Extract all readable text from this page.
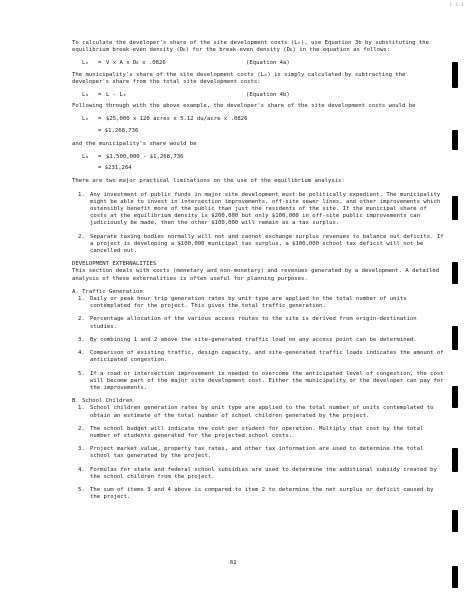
1-3-4

To calculate the developer's share of the site development costs (Lₑ), use Equation 3b by substituting the equilibrium break-even density (Dᴇ) for the break-even density (Dᴇ) in the equation as follows:

Lₑ	= V x A x Dᴇ x .0826	(Equation 4a)

The municipality's share of the site development costs (Lₘ) is simply calculated by subtracting the developer's share from the total site development costs:

Lₘ	= L - Lₑ	(Equation 4b)

Following through with the above example, the developer's share of the site development costs would be

Lₑ	= $25,000 x 120 acres x 5.12 du/acre x .0826
= $1,268,736

and the municipality's share would be

Lₘ	= $1,500,000 - $1,268,736
= $231,264

There are two major practical limitations on the use of the equilibrium analysis:

1. Any investment of public funds in major site development must be politically expedient. The municipality might be able to invest in intersection improvements, off-site sewer lines, and other improvements which ostensibly benefit more of the public than just the residents of the site. If the municipal share of costs at the equilibrium density is $200,000 but only $100,000 in off-site public improvements can judiciously be made, then the other $100,000 will remain as a tax surplus.
2. Separate taxing bodies normally will not and cannot exchange surplus revenues to balance out deficits. If a project is developing a $100,000 municipal tax surplus, a $100,000 school tax deficit will not be cancelled out.

DEVELOPMENT EXTERNALITIES

This section deals with costs (monetary and non-monetary) and revenues generated by a development. A detailed analysis of these externalities is often useful for planning purposes.

A. Traffic Generation

1. Daily or peak hour trip generation rates by unit type are applied to the total number of units contemplated for the project. This gives the total traffic generation.
2. Percentage allocation of the various access routes to the site is derived from origin-destination studies.
3. By combining 1 and 2 above the site-generated traffic load on any access point can be determined.
4. Comparison of existing traffic, design capacity, and site-generated traffic loads indicates the amount of anticipated congestion.
5. If a road or intersection improvement is needed to overcome the anticipated level of congestion, the cost will become part of the major site development cost. Either the municipality or the developer can pay for the improvements.

B. School Children

1. School children generation rates by unit type are applied to the total number of units contemplated to obtain an estimate of the total number of school children generated by the project.
2. The school budget will indicate the cost per student for operation. Multiply that cost by the total number of students generated for the projected school costs.
3. Project market value, property tax rates, and other tax information are used to determine the total school tax generated by the project.
4. Formulas for state and federal school subsidies are used to determine the additional subsidy created by the school children from the project.
5. The sum of items 3 and 4 above is compared to item 2 to determine the net surplus or deficit caused by the project.
62
